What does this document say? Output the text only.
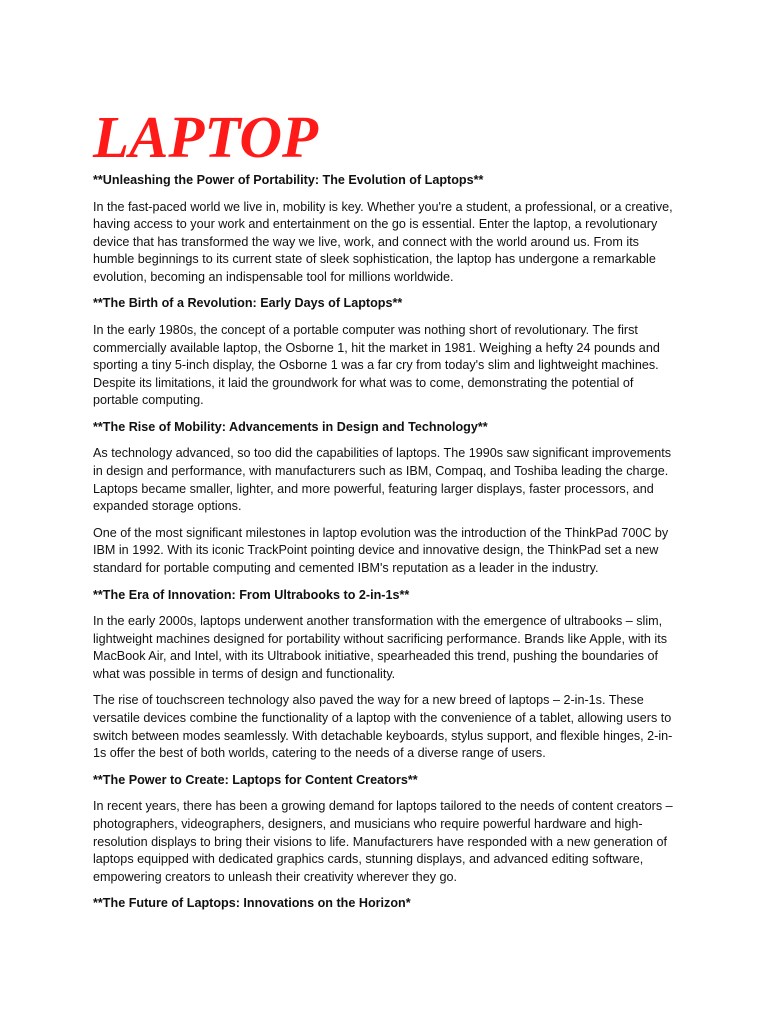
LAPTOP
**Unleashing the Power of Portability: The Evolution of Laptops**

In the fast-paced world we live in, mobility is key. Whether you're a student, a professional, or a creative, having access to your work and entertainment on the go is essential. Enter the laptop, a revolutionary device that has transformed the way we live, work, and connect with the world around us. From its humble beginnings to its current state of sleek sophistication, the laptop has undergone a remarkable evolution, becoming an indispensable tool for millions worldwide.

**The Birth of a Revolution: Early Days of Laptops**

In the early 1980s, the concept of a portable computer was nothing short of revolutionary. The first commercially available laptop, the Osborne 1, hit the market in 1981. Weighing a hefty 24 pounds and sporting a tiny 5-inch display, the Osborne 1 was a far cry from today's slim and lightweight machines. Despite its limitations, it laid the groundwork for what was to come, demonstrating the potential of portable computing.

**The Rise of Mobility: Advancements in Design and Technology**

As technology advanced, so too did the capabilities of laptops. The 1990s saw significant improvements in design and performance, with manufacturers such as IBM, Compaq, and Toshiba leading the charge. Laptops became smaller, lighter, and more powerful, featuring larger displays, faster processors, and expanded storage options.

One of the most significant milestones in laptop evolution was the introduction of the ThinkPad 700C by IBM in 1992. With its iconic TrackPoint pointing device and innovative design, the ThinkPad set a new standard for portable computing and cemented IBM's reputation as a leader in the industry.

**The Era of Innovation: From Ultrabooks to 2-in-1s**

In the early 2000s, laptops underwent another transformation with the emergence of ultrabooks – slim, lightweight machines designed for portability without sacrificing performance. Brands like Apple, with its MacBook Air, and Intel, with its Ultrabook initiative, spearheaded this trend, pushing the boundaries of what was possible in terms of design and functionality.

The rise of touchscreen technology also paved the way for a new breed of laptops – 2-in-1s. These versatile devices combine the functionality of a laptop with the convenience of a tablet, allowing users to switch between modes seamlessly. With detachable keyboards, stylus support, and flexible hinges, 2-in-1s offer the best of both worlds, catering to the needs of a diverse range of users.

**The Power to Create: Laptops for Content Creators**

In recent years, there has been a growing demand for laptops tailored to the needs of content creators – photographers, videographers, designers, and musicians who require powerful hardware and high-resolution displays to bring their visions to life. Manufacturers have responded with a new generation of laptops equipped with dedicated graphics cards, stunning displays, and advanced editing software, empowering creators to unleash their creativity wherever they go.

**The Future of Laptops: Innovations on the Horizon*
